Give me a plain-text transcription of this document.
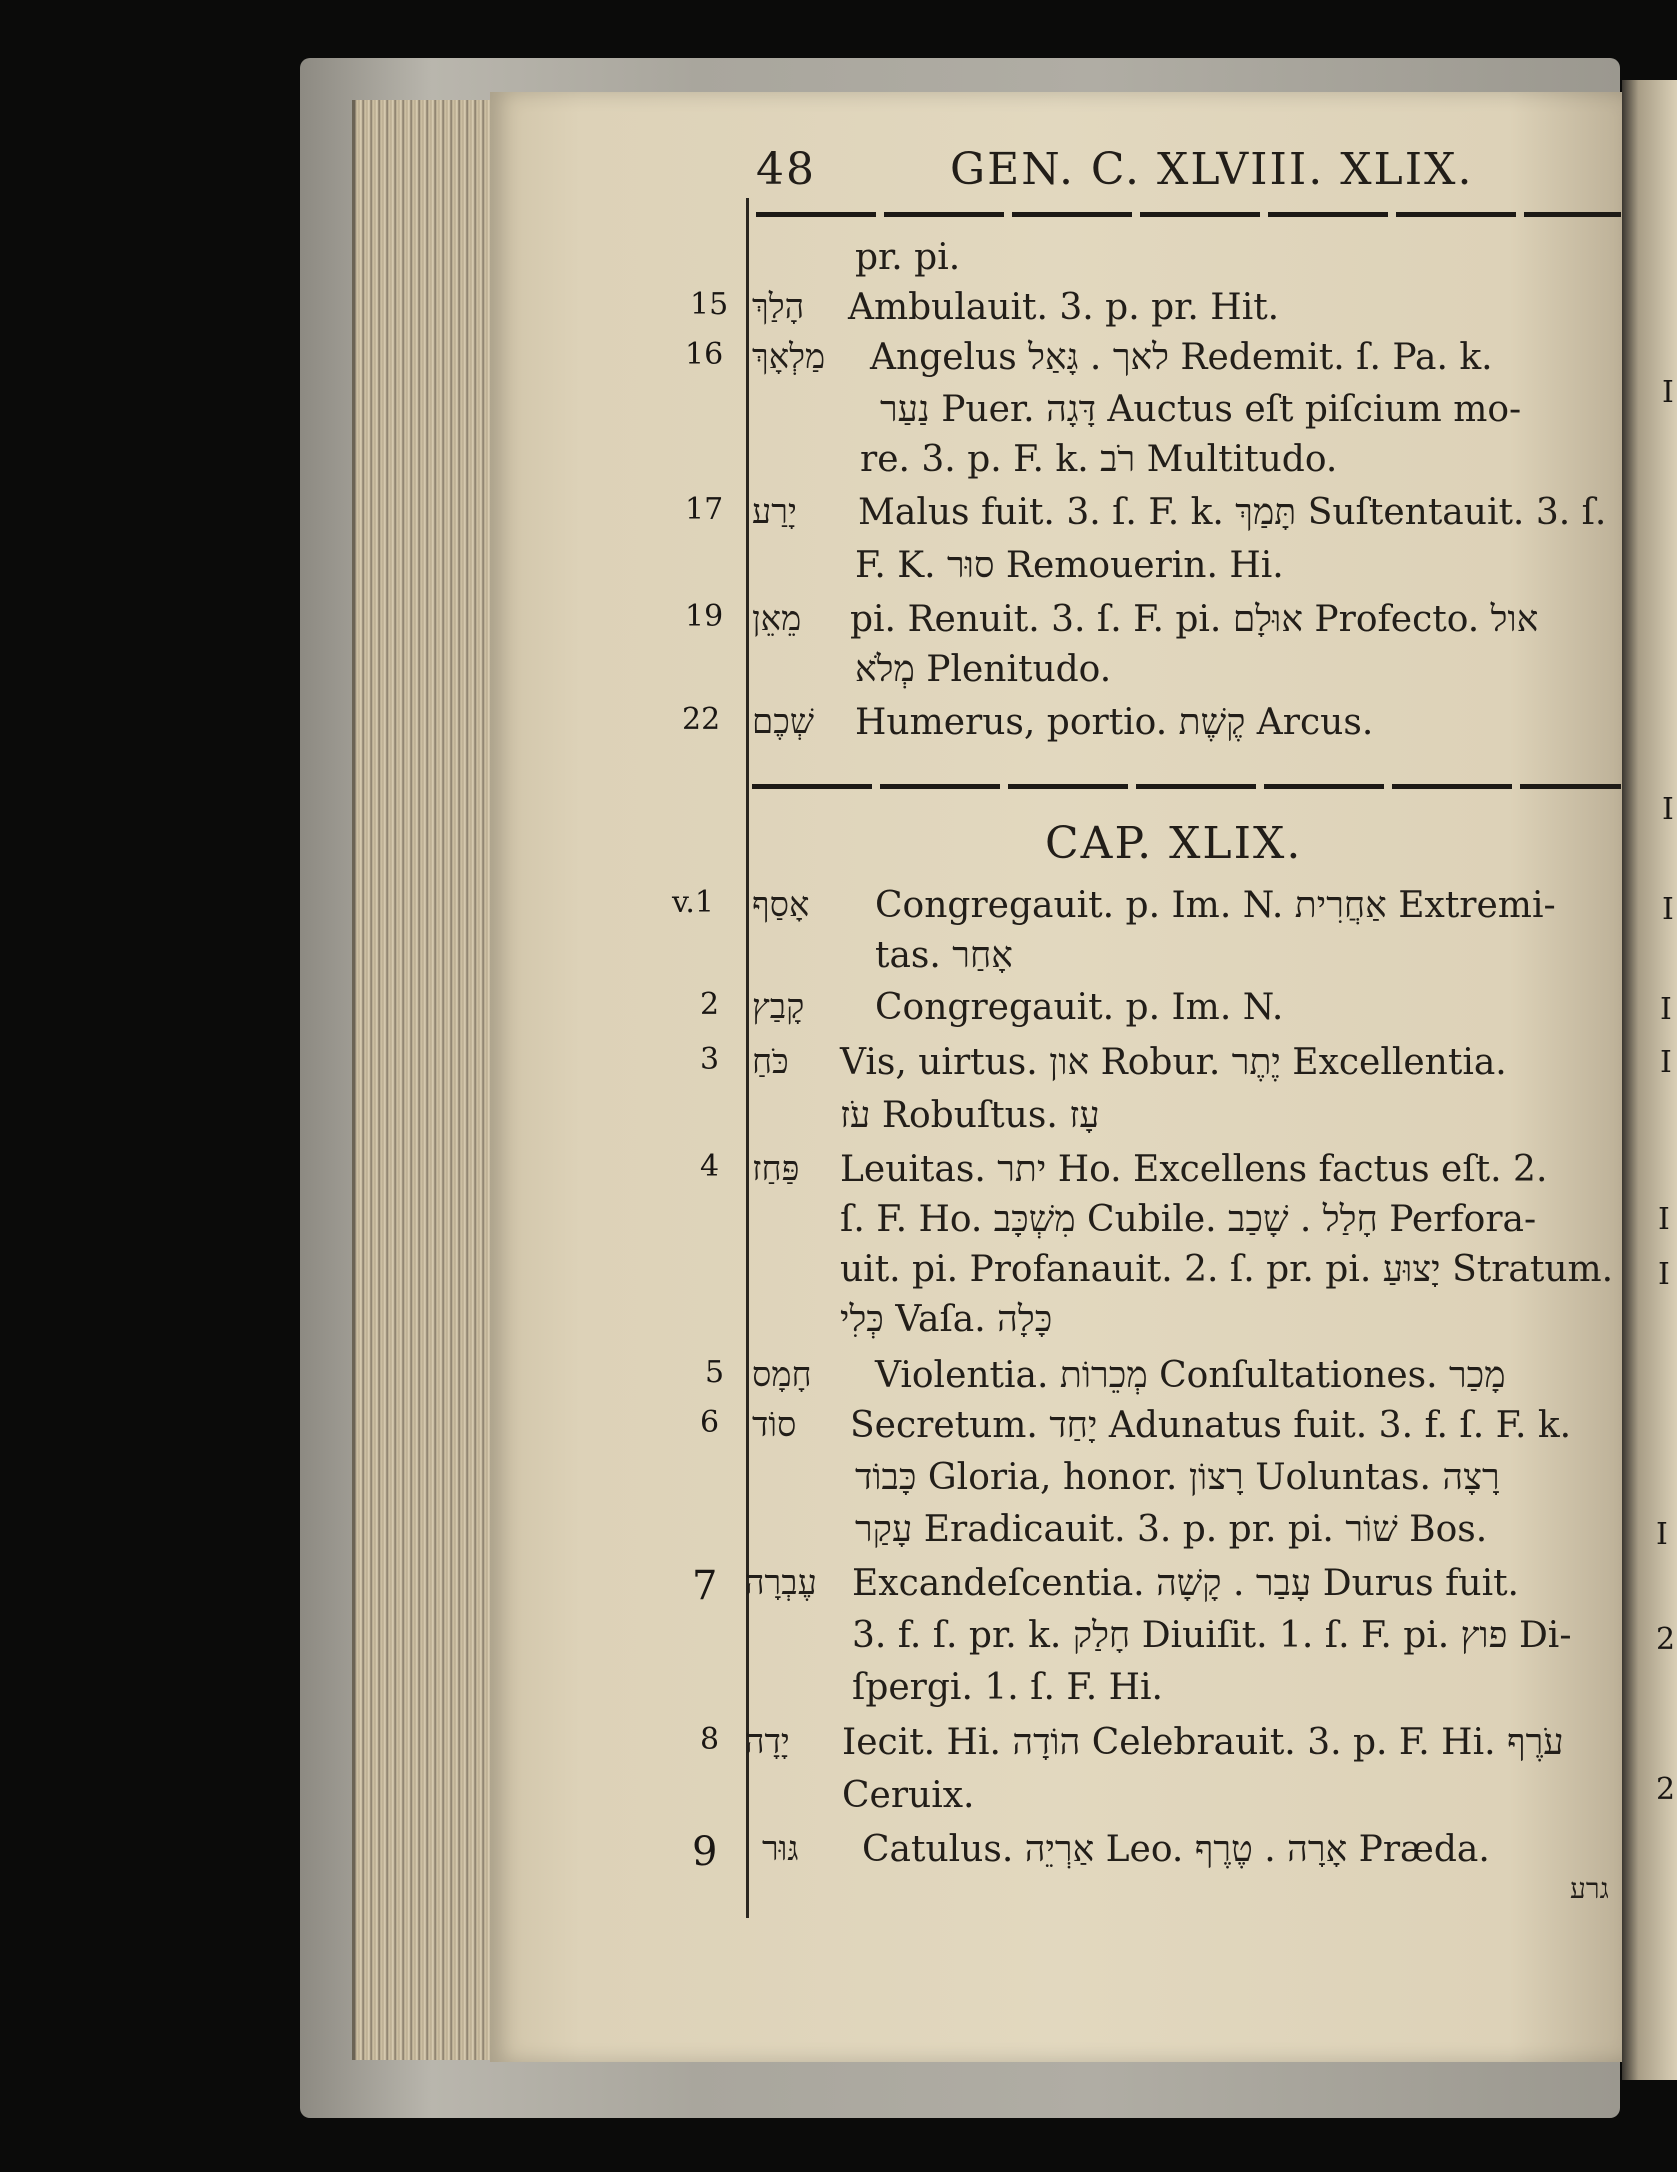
48	GEN. C. XLVIII. XLIX.
pr. pi.
15 הָלַךְ Ambulauit. 3. p. pr. Hit.
16 מַלְאָךְ Angelus לאך . גָּאַל Redemit. ſ. Pa. k.
נַעַר Puer. דָּגָה Auctus eſt piſcium mo-
re. 3. p. F. k. רֹב Multitudo.
17 יָרַע Malus fuit. 3. ſ. F. k. תָּמַךְ Suſtentauit. 3. ſ.
F. K. סוּר Remouerin. Hi.
19 מֵאֵן pi. Renuit. 3. ſ. F. pi. אוּלָם Profecto. אול
מְלֹא Plenitudo.
22 שְׁכֶם Humerus, portio. קֶשֶׁת Arcus.
CAP. XLIX.
v.1 אָסַף Congregauit. p. Im. N. אַחֲרִית Extremi-
tas. אָחַר
2 קָבַץ Congregauit. p. Im. N.
3 כֹּחַ Vis, uirtus. און Robur. יֶתֶר Excellentia.
עֹז Robuſtus. עָז
4 פַּחַז Leuitas. יתר Ho. Excellens factus eſt. 2.
ſ. F. Ho. מִשְׁכָּב Cubile. חָלַל . שָׁכַב Perfora-
uit. pi. Profanauit. 2. ſ. pr. pi. יָצוּעַ Stratum.
כְּלִי Vaſa. כָּלָה
5 חָמָס Violentia. מְכֵרוֹת Conſultationes. מָכַר
6 סוֹד Secretum. יָחַד Adunatus fuit. 3. f. ſ. F. k.
כָּבוֹד Gloria, honor. רָצוֹן Uoluntas. רָצָה
עָקַר Eradicauit. 3. p. pr. pi. שׁוֹר Bos.
7 עֶבְרָה Excandeſcentia. עָבַר . קָשָׁה Durus fuit.
3. f. ſ. pr. k. חָלַק Diuiſit. 1. ſ. F. pi. פוץ Di-
ſpergi. 1. ſ. F. Hi.
8 יָדָה Iecit. Hi. הוֹדָה Celebrauit. 3. p. F. Hi. עֹרֶף
Ceruix.
9 גּוּר Catulus. אַרְיֵה Leo. אָרָה . טֶרֶף Præda.
גרע
I
I
I
I
I
I
I
I
2
2
